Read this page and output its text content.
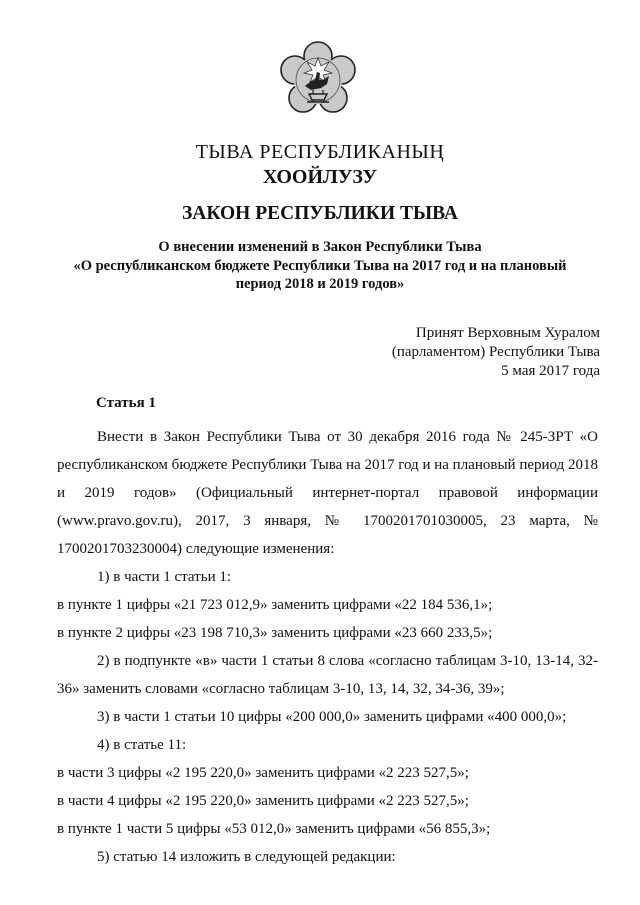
ТЫВА РЕСПУБЛИКАНЫҢ
ХООЙЛУЗУ
ЗАКОН РЕСПУБЛИКИ ТЫВА
О внесении изменений в Закон Республики Тыва
«О республиканском бюджете Республики Тыва на 2017 год и на плановый
период 2018 и 2019 годов»
Принят Верховным Хуралом
(парламентом) Республики Тыва
5 мая 2017 года
Статья 1

Внести в Закон Республики Тыва от 30 декабря 2016 года № 245-ЗРТ «О республиканском бюджете Республики Тыва на 2017 год и на плановый период 2018 и 2019 годов» (Официальный интернет-портал правовой информации (www.pravo.gov.ru), 2017, 3 января, № 1700201701030005, 23 марта, № 1700201703230004) следующие изменения:

1) в части 1 статьи 1:

в пункте 1 цифры «21 723 012,9» заменить цифрами «22 184 536,1»;

в пункте 2 цифры «23 198 710,3» заменить цифрами «23 660 233,5»;

2) в подпункте «в» части 1 статьи 8 слова «согласно таблицам 3-10, 13-14, 32-36» заменить словами «согласно таблицам 3-10, 13, 14, 32, 34-36, 39»;

3) в части 1 статьи 10 цифры «200 000,0» заменить цифрами «400 000,0»;

4) в статье 11:

в части 3 цифры «2 195 220,0» заменить цифрами «2 223 527,5»;

в части 4 цифры «2 195 220,0» заменить цифрами «2 223 527,5»;

в пункте 1 части 5 цифры «53 012,0» заменить цифрами «56 855,3»;

5) статью 14 изложить в следующей редакции:
